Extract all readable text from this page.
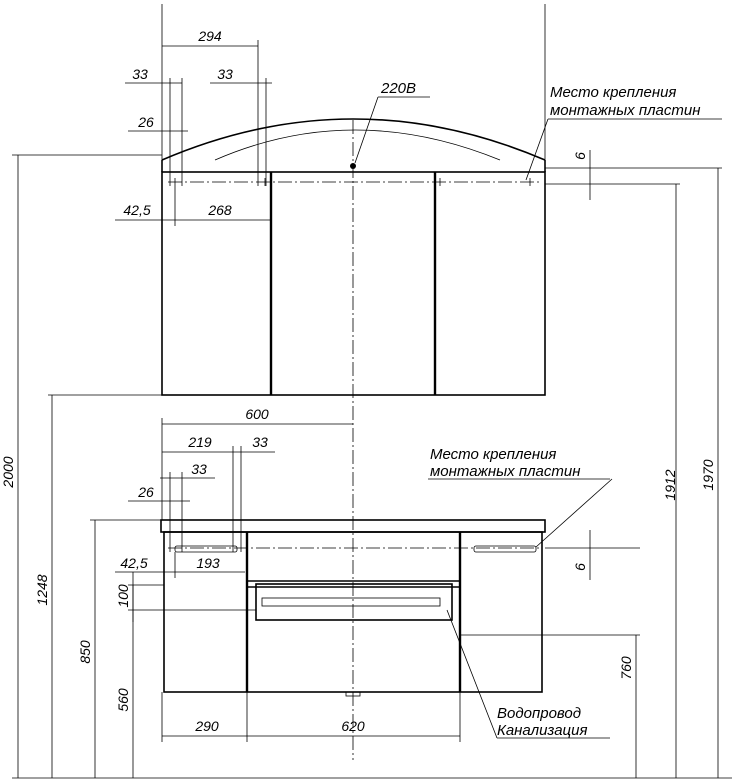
2000
1248
850
560
100
1912 1970
760
6
6
294
33	33
26
42,5	268
600
219	33
33
26
42,5	193
290	620
220В	Место крепления
монтажных пластин
Место крепления
монтажных пластин
Водопровод
Канализация
